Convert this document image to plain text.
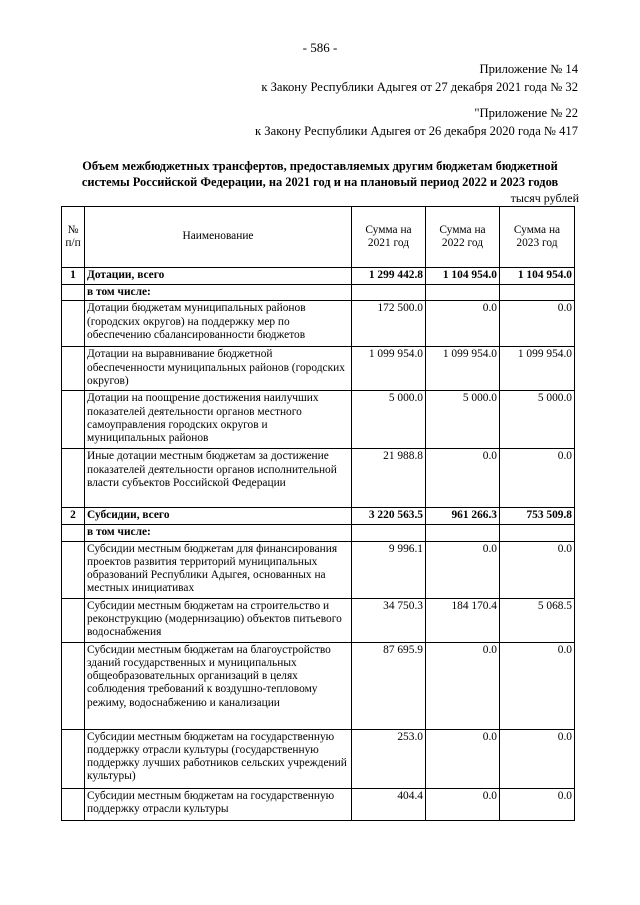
- 586 -
Приложение № 14
к Закону Республики Адыгея от 27 декабря 2021 года № 32
"Приложение № 22
к Закону Республики Адыгея от 26 декабря 2020 года № 417
Объем межбюджетных трансфертов, предоставляемых другим бюджетам бюджетной
системы Российской Федерации, на 2021 год и на плановый период 2022 и 2023 годов
тысяч рублей
№ п/п	Наименование	Сумма на 2021 год	Сумма на 2022 год	Сумма на 2023 год
1	Дотации, всего	1 299 442.8	1 104 954.0	1 104 954.0
	в том числе:			
	Дотации бюджетам муниципальных районов (городских округов) на поддержку мер по обеспечению сбалансированности бюджетов	172 500.0	0.0	0.0
	Дотации на выравнивание бюджетной обеспеченности муниципальных районов (городских округов)	1 099 954.0	1 099 954.0	1 099 954.0
	Дотации на поощрение достижения наилучших показателей деятельности органов местного самоуправления городских округов и муниципальных районов	5 000.0	5 000.0	5 000.0
	Иные дотации местным бюджетам за достижение показателей деятельности органов исполнительной власти субъектов Российской Федерации	21 988.8	0.0	0.0
2	Субсидии, всего	3 220 563.5	961 266.3	753 509.8
	в том числе:			
	Субсидии местным бюджетам для финансирования проектов развития территорий муниципальных образований Республики Адыгея, основанных на местных инициативах	9 996.1	0.0	0.0
	Субсидии местным бюджетам на строительство и реконструкцию (модернизацию) объектов питьевого водоснабжения	34 750.3	184 170.4	5 068.5
	Субсидии местным бюджетам на благоустройство зданий государственных и муниципальных общеобразовательных организаций в целях соблюдения требований к воздушно-тепловому режиму, водоснабжению и канализации	87 695.9	0.0	0.0
	Субсидии местным бюджетам на государственную поддержку отрасли культуры (государственную поддержку лучших работников сельских учреждений культуры)	253.0	0.0	0.0
	Субсидии местным бюджетам на государственную поддержку отрасли культуры	404.4	0.0	0.0
